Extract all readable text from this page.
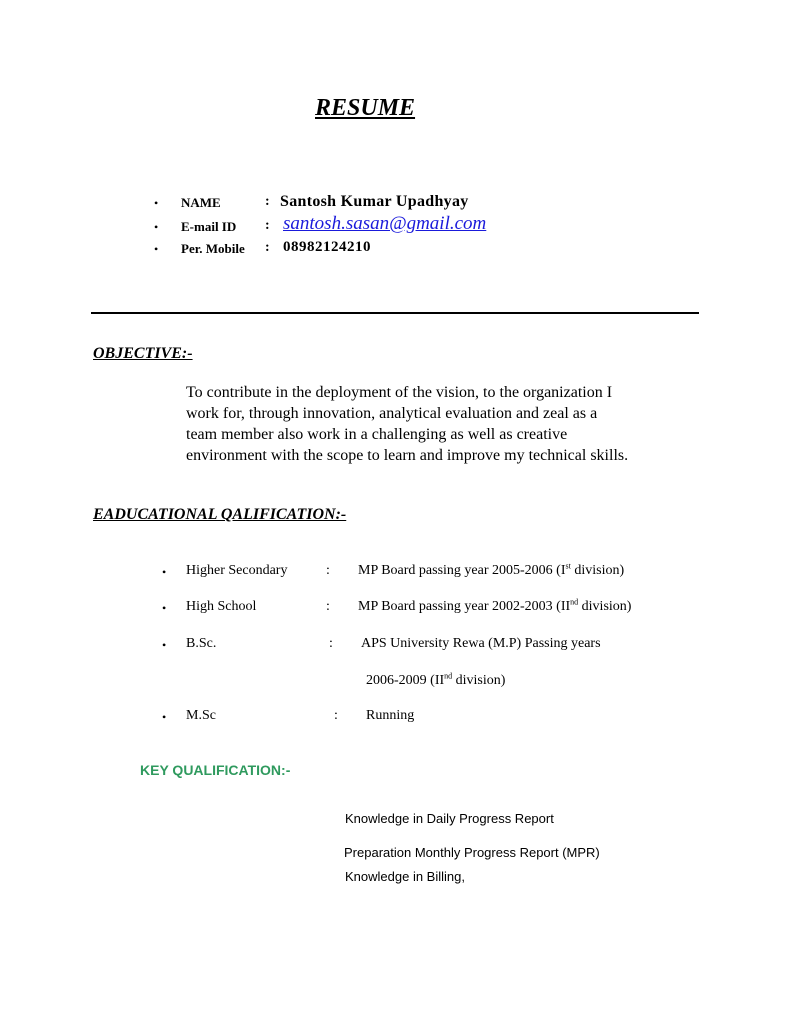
RESUME
• NAME	: Santosh Kumar Upadhyay
• E-mail ID : santosh.sasan@gmail.com
• Per. Mobile : 08982124210
OBJECTIVE:-
To contribute in the deployment of the vision, to the organization I
work for, through innovation, analytical evaluation and zeal as a
team member also work in a challenging as well as creative
environment with the scope to learn and improve my technical skills.
EADUCATIONAL QALIFICATION:-
• Higher Secondary	: MP Board passing year 2005-2006 (Ist division)
• High School	: MP Board passing year 2002-2003 (IInd division)
• B.Sc.	: APS University Rewa (M.P) Passing years
2006-2009 (IInd division)
• M.Sc	: Running
KEY QUALIFICATION:-
Knowledge in Daily Progress Report
Preparation Monthly Progress Report (MPR)
Knowledge in Billing,
